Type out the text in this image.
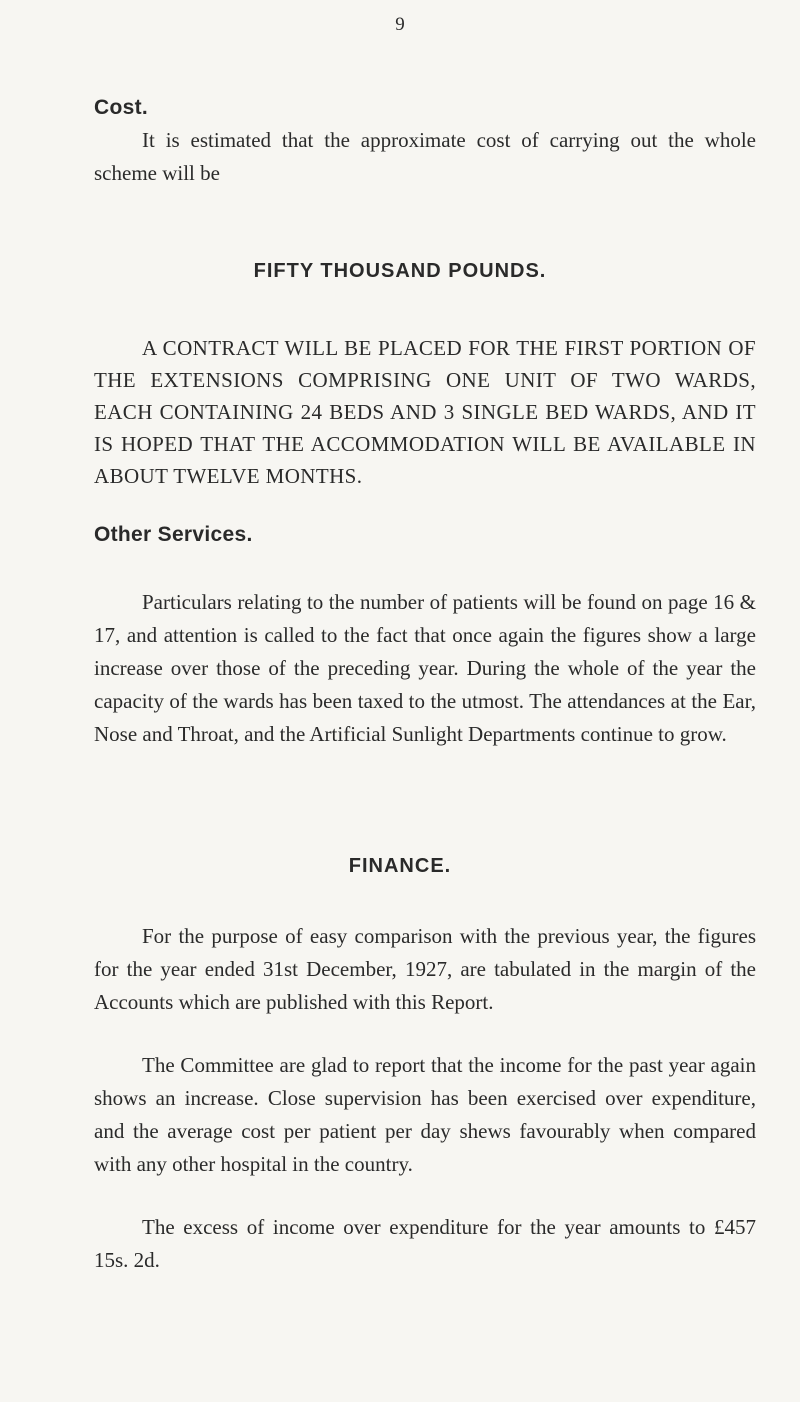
9
Cost.

It is estimated that the approximate cost of carrying out the whole scheme will be

FIFTY THOUSAND POUNDS.

A CONTRACT WILL BE PLACED FOR THE FIRST PORTION OF THE EXTENSIONS COMPRISING ONE UNIT OF TWO WARDS, EACH CONTAINING 24 BEDS AND 3 SINGLE BED WARDS, AND IT IS HOPED THAT THE ACCOMMODATION WILL BE AVAILABLE IN ABOUT TWELVE MONTHS.

Other Services.

Particulars relating to the number of patients will be found on page 16 & 17, and attention is called to the fact that once again the figures show a large increase over those of the preceding year. During the whole of the year the capacity of the wards has been taxed to the utmost. The attendances at the Ear, Nose and Throat, and the Artificial Sunlight Departments continue to grow.

FINANCE.

For the purpose of easy comparison with the previous year, the figures for the year ended 31st December, 1927, are tabulated in the margin of the Accounts which are published with this Report.

The Committee are glad to report that the income for the past year again shows an increase. Close supervision has been exercised over expenditure, and the average cost per patient per day shews favourably when compared with any other hospital in the country.

The excess of income over expenditure for the year amounts to £457 15s. 2d.
